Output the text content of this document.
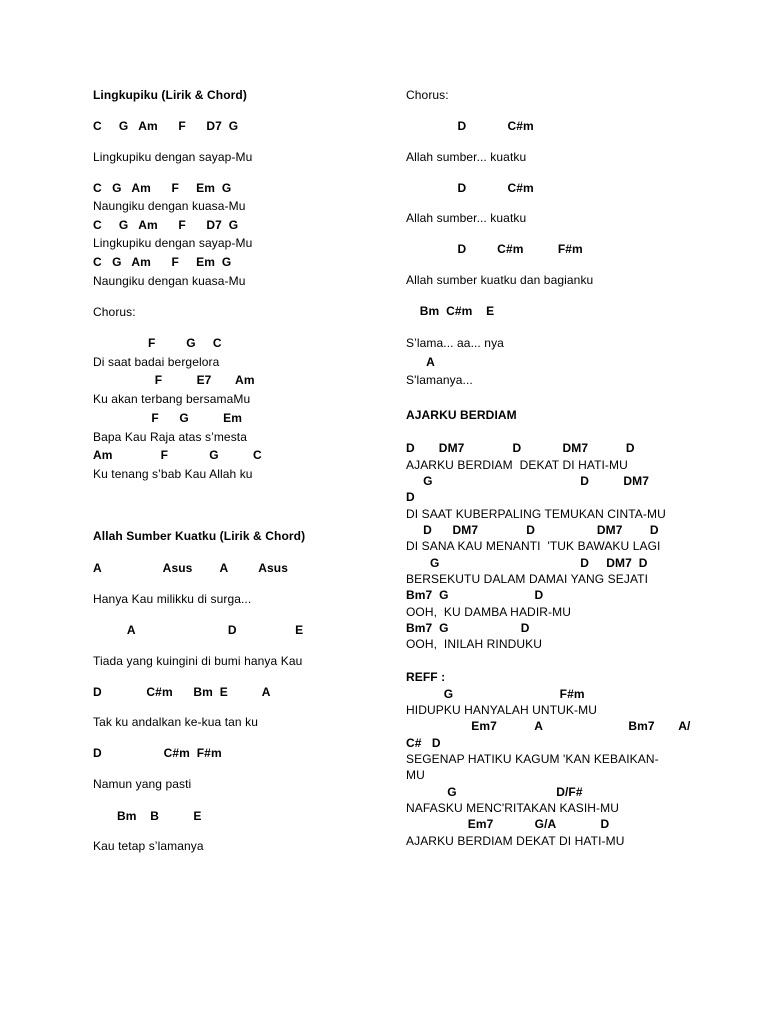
Lingkupiku (Lirik & Chord)
C     G   Am      F      D7  G
Lingkupiku dengan sayap-Mu
C   G   Am      F     Em  G
Naungiku dengan kuasa-Mu
C     G   Am      F      D7  G
Lingkupiku dengan sayap-Mu
C   G   Am      F     Em  G
Naungiku dengan kuasa-Mu
Chorus:
F         G     C
Di saat badai bergelora
F          E7       Am
Ku akan terbang bersamaMu
F      G          Em
Bapa Kau Raja atas s’mesta
Am              F            G          C
Ku tenang s’bab Kau Allah ku
Allah Sumber Kuatku (Lirik & Chord)
A                  Asus        A         Asus
Hanya Kau milikku di surga...
A                           D                 E
Tiada yang kuingini di bumi hanya Kau
D             C#m      Bm  E          A
Tak ku andalkan ke-kua tan ku
D                  C#m  F#m
Namun yang pasti
Bm    B          E
Kau tetap s’lamanya
Chorus:
D            C#m
Allah sumber... kuatku
D            C#m
Allah sumber... kuatku
D         C#m          F#m
Allah sumber kuatku dan bagianku
Bm  C#m    E
S’lama... aa... nya
A
S'lamanya...
AJARKU BERDIAM
D       DM7              D            DM7           D
AJARKU BERDIAM  DEKAT DI HATI-MU
G                                           D          DM7
D
DI SAAT KUBERPALING TEMUKAN CINTA-MU
D      DM7              D                  DM7        D
DI SANA KAU MENANTI  'TUK BAWAKU LAGI
G                                         D     DM7  D
BERSEKUTU DALAM DAMAI YANG SEJATI
Bm7  G                         D
OOH,  KU DAMBA HADIR-MU
Bm7  G                     D
OOH,  INILAH RINDUKU
REFF :
G                               F#m
HIDUPKU HANYALAH UNTUK-MU
Em7           A                         Bm7       A/
C#   D
SEGENAP HATIKU KAGUM 'KAN KEBAIKAN-
MU
G                             D/F#
NAFASKU MENC'RITAKAN KASIH-MU
Em7            G/A             D
AJARKU BERDIAM DEKAT DI HATI-MU
